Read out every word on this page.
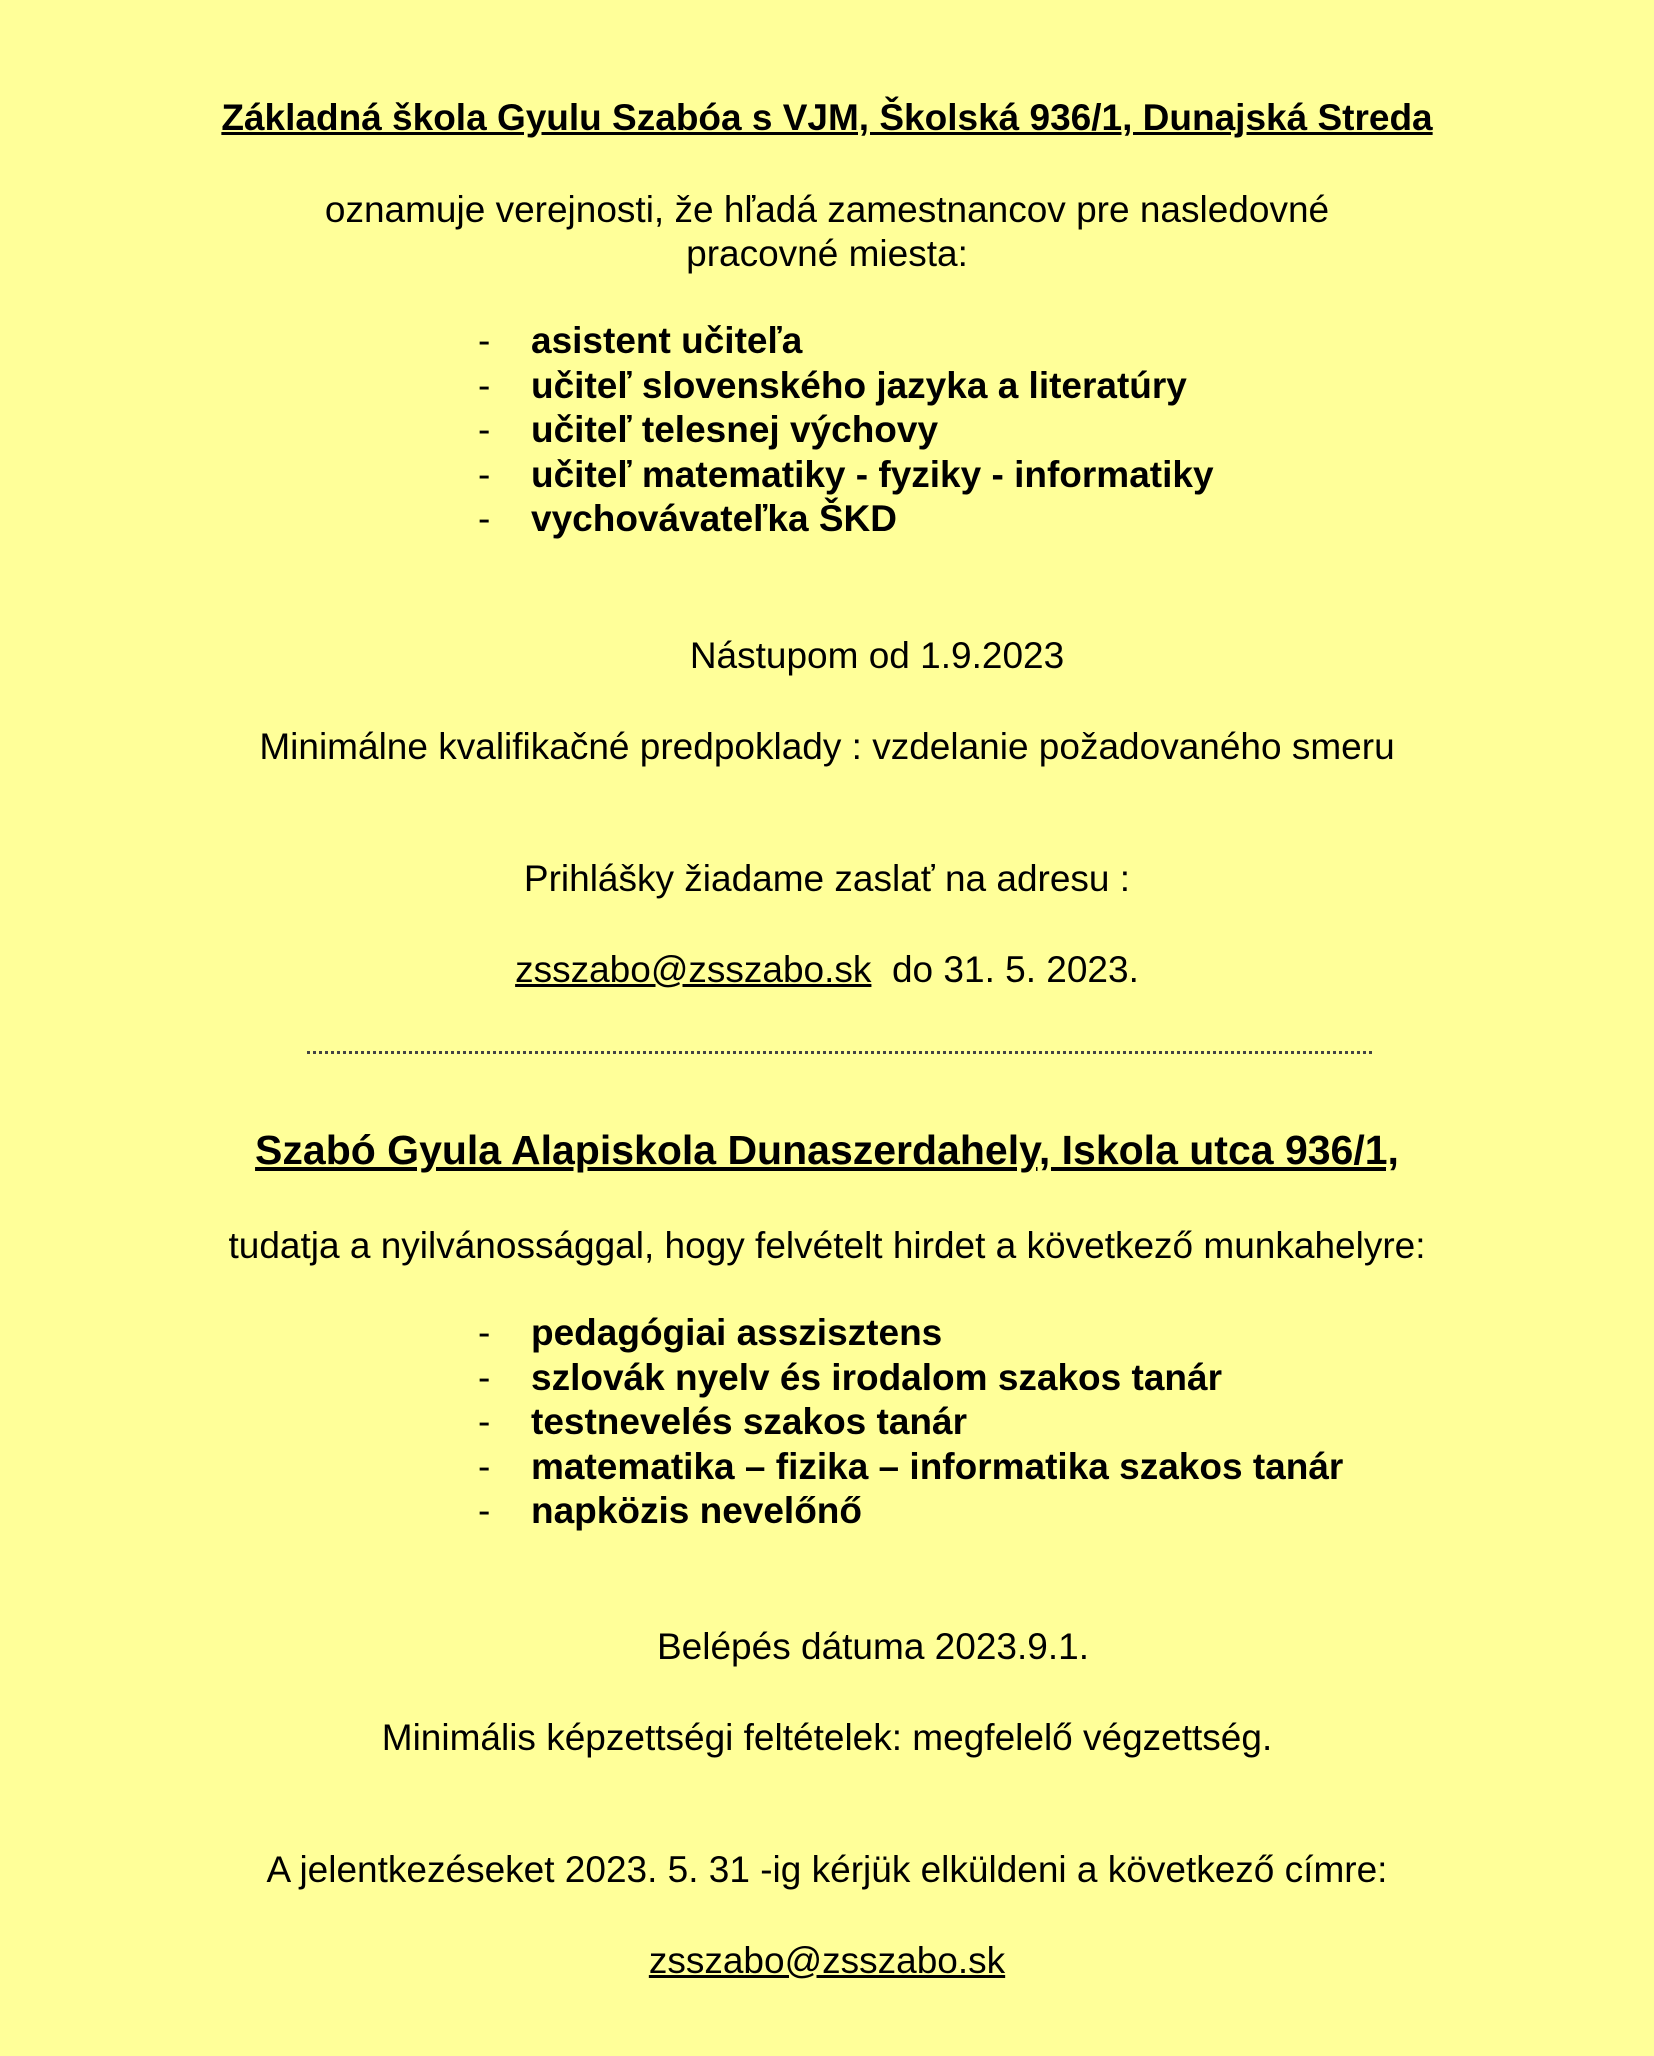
Základná škola Gyulu Szabóa s VJM, Školská 936/1, Dunajská Streda
oznamuje verejnosti, že hľadá zamestnancov pre nasledovné
pracovné miesta:
- asistent učiteľa
- učiteľ slovenského jazyka a literatúry
- učiteľ telesnej výchovy
- učiteľ matematiky - fyziky - informatiky
- vychovávateľka ŠKD
Nástupom od 1.9.2023
Minimálne kvalifikačné predpoklady : vzdelanie požadovaného smeru
Prihlášky žiadame zaslať na adresu :
zsszabo@zsszabo.sk do 31. 5. 2023.
Szabó Gyula Alapiskola Dunaszerdahely, Iskola utca 936/1,
tudatja a nyilvánossággal, hogy felvételt hirdet a következő munkahelyre:
- pedagógiai asszisztens
- szlovák nyelv és irodalom szakos tanár
- testnevelés szakos tanár
- matematika – fizika – informatika szakos tanár
- napközis nevelőnő
Belépés dátuma 2023.9.1.
Minimális képzettségi feltételek: megfelelő végzettség.
A jelentkezéseket 2023. 5. 31 -ig kérjük elküldeni a következő címre:
zsszabo@zsszabo.sk
